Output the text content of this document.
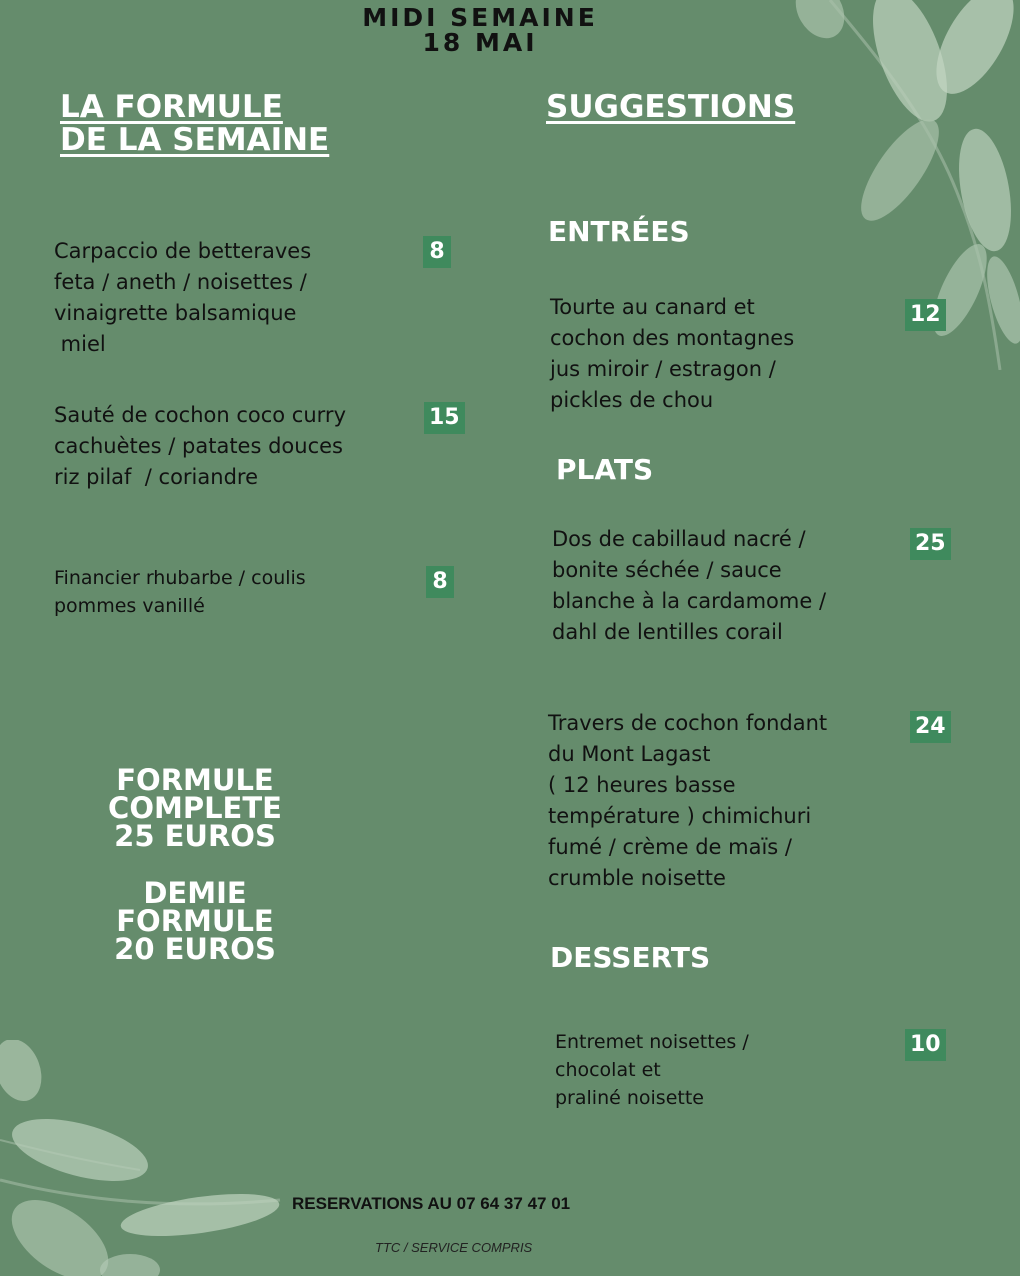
MIDI SEMAINE
18 MAI
LA FORMULE
DE LA SEMAINE
Carpaccio de betteraves
feta / aneth / noisettes /
vinaigrette balsamique
miel
8
Sauté de cochon coco curry
cachuètes / patates douces
riz pilaf  / coriandre
15
Financier rhubarbe / coulis
pommes vanillé
8
FORMULE
COMPLETE
25 EUROS
DEMIE
FORMULE
20 EUROS
SUGGESTIONS
ENTRÉES
Tourte au canard et
cochon des montagnes
jus miroir / estragon /
pickles de chou
12
PLATS
Dos de cabillaud nacré /
bonite séchée / sauce
blanche à la cardamome /
dahl de lentilles corail
25
Travers de cochon fondant
du Mont Lagast
( 12 heures basse
température ) chimichuri
fumé / crème de maïs /
crumble noisette
24
DESSERTS
Entremet noisettes /
chocolat et
praliné noisette
10
RESERVATIONS AU 07 64 37 47 01
TTC / SERVICE COMPRIS
